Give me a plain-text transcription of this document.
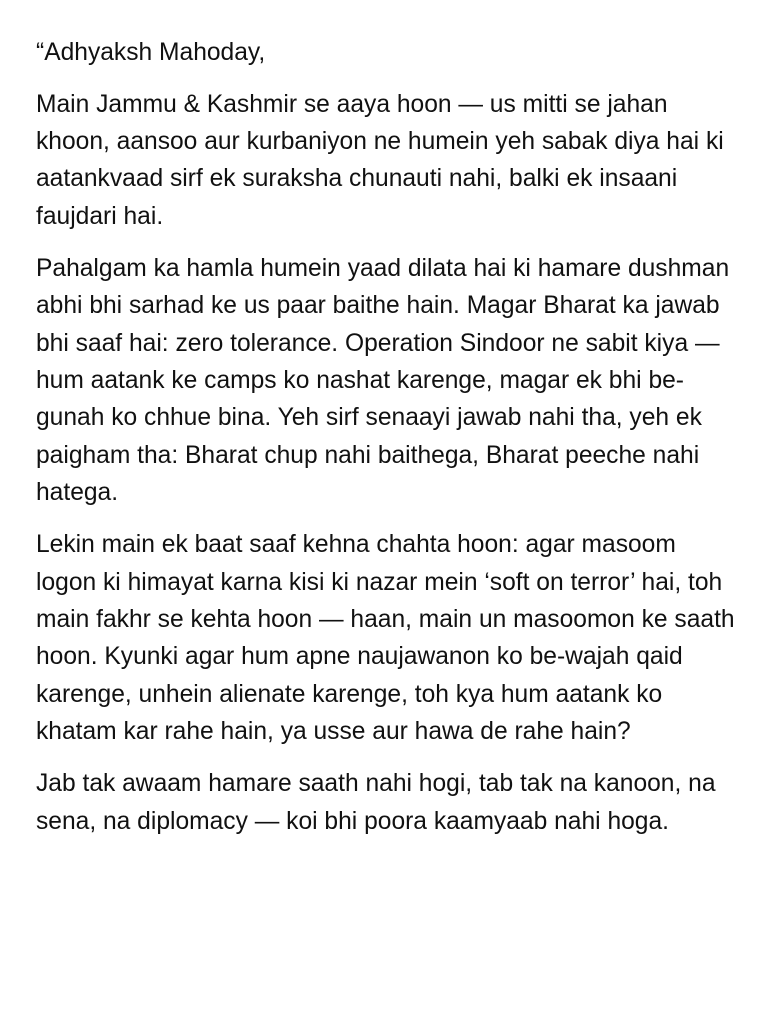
“Adhyaksh Mahoday,

Main Jammu & Kashmir se aaya hoon — us mitti se jahan khoon, aansoo aur kurbaniyon ne humein yeh sabak diya hai ki aatankvaad sirf ek suraksha chunauti nahi, balki ek insaani faujdari hai.

Pahalgam ka hamla humein yaad dilata hai ki hamare dushman abhi bhi sarhad ke us paar baithe hain. Magar Bharat ka jawab bhi saaf hai: zero tolerance. Operation Sindoor ne sabit kiya — hum aatank ke camps ko nashat karenge, magar ek bhi be-gunah ko chhue bina. Yeh sirf senaayi jawab nahi tha, yeh ek paigham tha: Bharat chup nahi baithega, Bharat peeche nahi hatega.

Lekin main ek baat saaf kehna chahta hoon: agar masoom logon ki himayat karna kisi ki nazar mein ‘soft on terror’ hai, toh main fakhr se kehta hoon — haan, main un masoomon ke saath hoon. Kyunki agar hum apne naujawanon ko be-wajah qaid karenge, unhein alienate karenge, toh kya hum aatank ko khatam kar rahe hain, ya usse aur hawa de rahe hain?

Jab tak awaam hamare saath nahi hogi, tab tak na kanoon, na sena, na diplomacy — koi bhi poora kaamyaab nahi hoga.
